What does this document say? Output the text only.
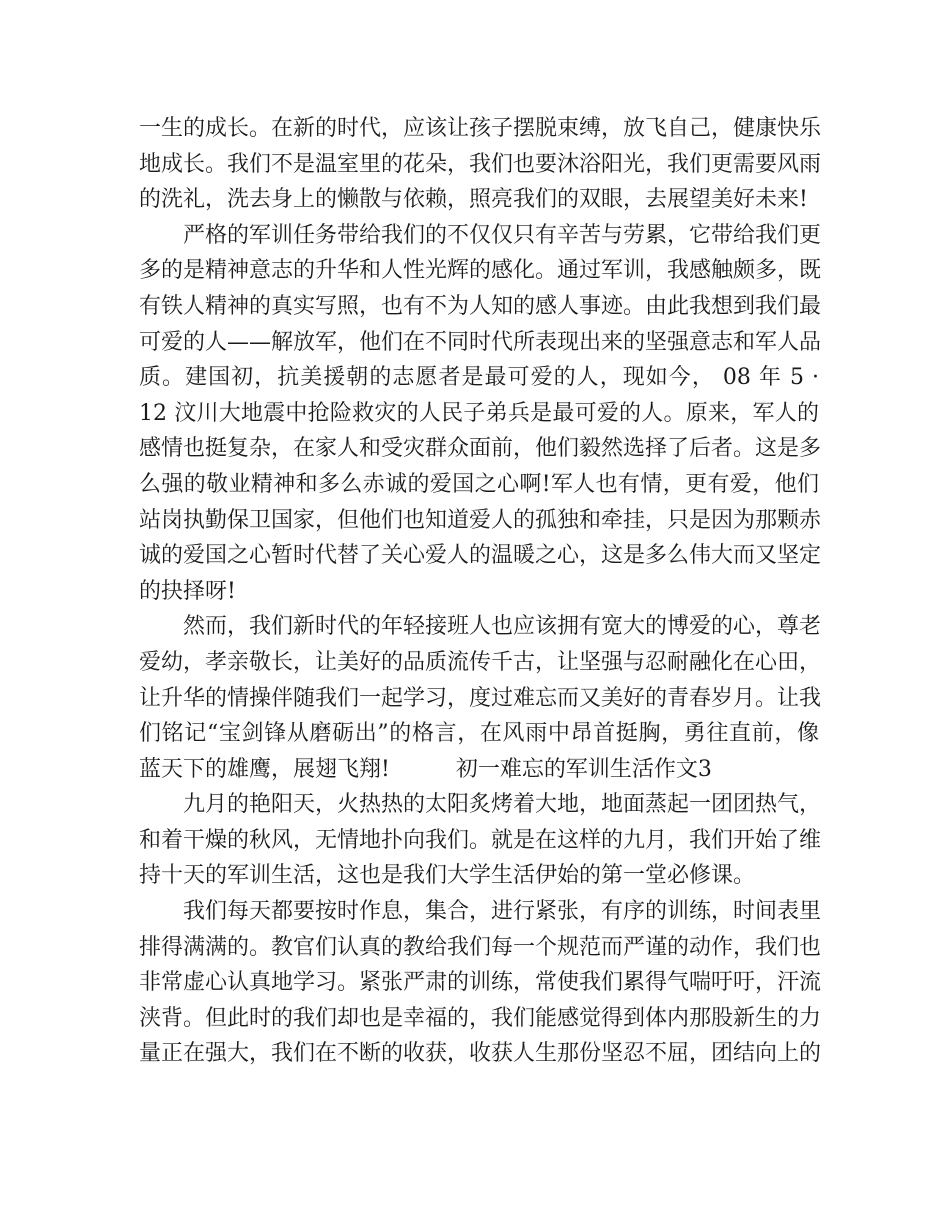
一生的成长。在新的时代，应该让孩子摆脱束缚，放飞自己，健康快乐
地成长。我们不是温室里的花朵，我们也要沐浴阳光，我们更需要风雨
的洗礼，洗去身上的懒散与依赖，照亮我们的双眼，去展望美好未来!
严格的军训任务带给我们的不仅仅只有辛苦与劳累，它带给我们更
多的是精神意志的升华和人性光辉的感化。通过军训，我感触颇多，既
有铁人精神的真实写照，也有不为人知的感人事迹。由此我想到我们最
可爱的人——解放军，他们在不同时代所表现出来的坚强意志和军人品
质。建国初，抗美援朝的志愿者是最可爱的人，现如今， 08 年 5 ·
12 汶川大地震中抢险救灾的人民子弟兵是最可爱的人。原来，军人的
感情也挺复杂，在家人和受灾群众面前，他们毅然选择了后者。这是多
么强的敬业精神和多么赤诚的爱国之心啊!军人也有情，更有爱，他们
站岗执勤保卫国家，但他们也知道爱人的孤独和牵挂，只是因为那颗赤
诚的爱国之心暂时代替了关心爱人的温暖之心，这是多么伟大而又坚定
的抉择呀!
然而，我们新时代的年轻接班人也应该拥有宽大的博爱的心，尊老
爱幼，孝亲敬长，让美好的品质流传千古，让坚强与忍耐融化在心田，
让升华的情操伴随我们一起学习，度过难忘而又美好的青春岁月。让我
们铭记“宝剑锋从磨砺出”的格言，在风雨中昂首挺胸，勇往直前，像
蓝天下的雄鹰，展翅飞翔!　　　初一难忘的军训生活作文3
九月的艳阳天，火热热的太阳炙烤着大地，地面蒸起一团团热气，
和着干燥的秋风，无情地扑向我们。就是在这样的九月，我们开始了维
持十天的军训生活，这也是我们大学生活伊始的第一堂必修课。
我们每天都要按时作息，集合，进行紧张，有序的训练，时间表里
排得满满的。教官们认真的教给我们每一个规范而严谨的动作，我们也
非常虚心认真地学习。紧张严肃的训练，常使我们累得气喘吁吁，汗流
浃背。但此时的我们却也是幸福的，我们能感觉得到体内那股新生的力
量正在强大，我们在不断的收获，收获人生那份坚忍不屈，团结向上的
